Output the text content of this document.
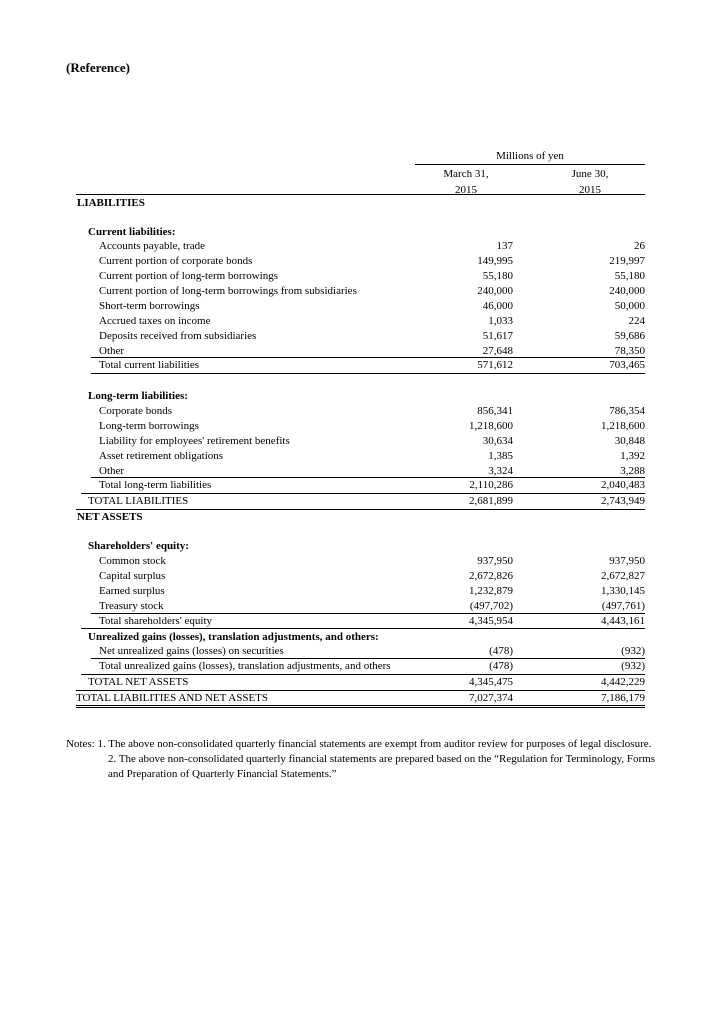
(Reference)
Millions of yen
March 31,
2015
June 30,
2015
LIABILITIES
Current liabilities:
Accounts payable, trade	137	26
Current portion of corporate bonds	149,995	219,997
Current portion of long-term borrowings	55,180	55,180
Current portion of long-term borrowings from subsidiaries	240,000	240,000
Short-term borrowings	46,000	50,000
Accrued taxes on income	1,033	224
Deposits received from subsidiaries	51,617	59,686
Other	27,648	78,350
Total current liabilities	571,612	703,465
Long-term liabilities:
Corporate bonds	856,341	786,354
Long-term borrowings	1,218,600	1,218,600
Liability for employees' retirement benefits	30,634	30,848
Asset retirement obligations	1,385	1,392
Other	3,324	3,288
Total long-term liabilities	2,110,286	2,040,483
TOTAL LIABILITIES	2,681,899	2,743,949
NET ASSETS
Shareholders' equity:
Common stock	937,950	937,950
Capital surplus	2,672,826	2,672,827
Earned surplus	1,232,879	1,330,145
Treasury stock	(497,702)	(497,761)
Total shareholders' equity	4,345,954	4,443,161
Unrealized gains (losses), translation adjustments, and others:
Net unrealized gains (losses) on securities	(478)	(932)
Total unrealized gains (losses), translation adjustments, and others	(478)	(932)
TOTAL NET ASSETS	4,345,475	4,442,229
TOTAL LIABILITIES AND NET ASSETS	7,027,374	7,186,179
Notes: 1. The above non-consolidated quarterly financial statements are exempt from auditor review for purposes of legal disclosure.
2. The above non-consolidated quarterly financial statements are prepared based on the “Regulation for Terminology, Forms
and Preparation of Quarterly Financial Statements.”
